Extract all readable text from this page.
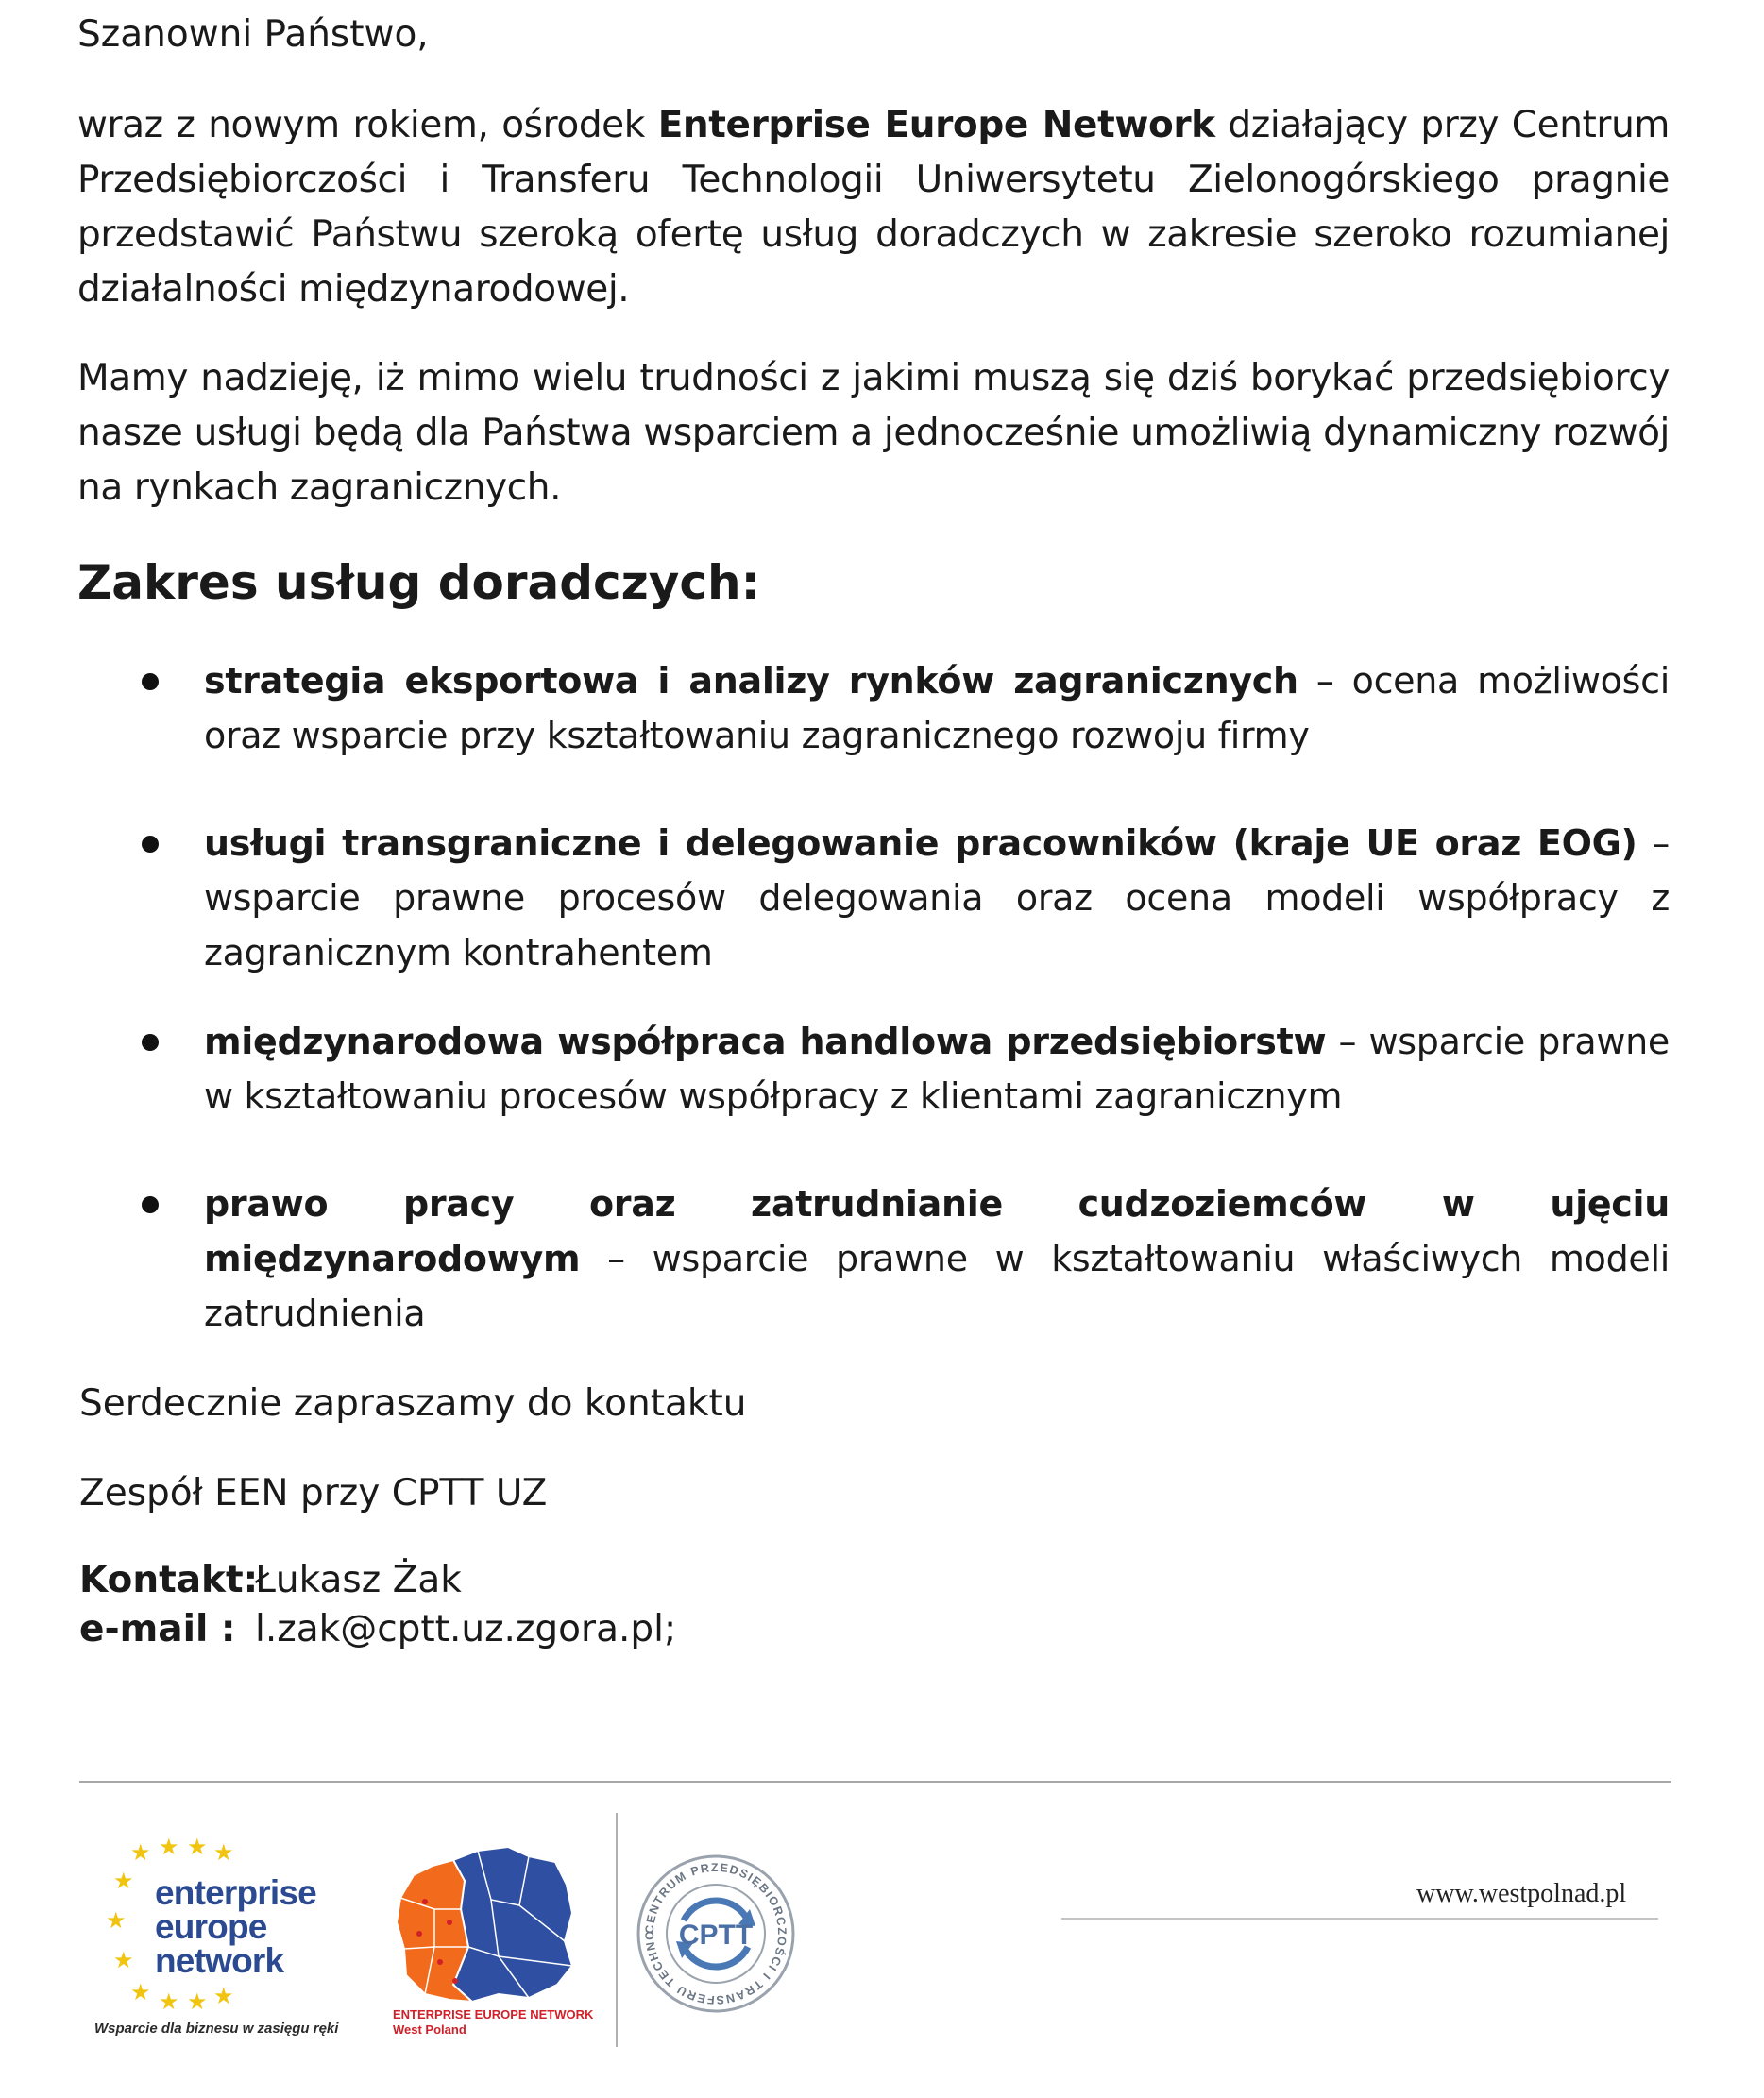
Szanowni Państwo,

wraz z nowym rokiem, ośrodek Enterprise Europe Network działający przy Centrum Przedsiębiorczości i Transferu Technologii Uniwersytetu Zielonogórskiego pragnie przedstawić Państwu szeroką ofertę usług doradczych w zakresie szeroko rozumianej działalności międzynarodowej.

Mamy nadzieję, iż mimo wielu trudności z jakimi muszą się dziś borykać przedsiębiorcy nasze usługi będą dla Państwa wsparciem a jednocześnie umożliwią dynamiczny rozwój na rynkach zagranicznych.

Zakres usług doradczych:

strategia eksportowa i analizy rynków zagranicznych – ocena możliwości oraz wsparcie przy kształtowaniu zagranicznego rozwoju firmy

usługi transgraniczne i delegowanie pracowników (kraje UE oraz EOG) – wsparcie prawne procesów delegowania oraz ocena modeli współpracy z zagranicznym kontrahentem

międzynarodowa współpraca handlowa przedsiębiorstw – wsparcie prawne w kształtowaniu procesów współpracy z klientami zagranicznym

prawo pracy oraz zatrudnianie cudzoziemców w ujęciu międzynarodowym – wsparcie prawne w kształtowaniu właściwych modeli zatrudnienia

Serdecznie zapraszamy do kontaktu

Zespół EEN przy CPTT UZ

Kontakt:
Łukasz Żak
e-mail : l.zak@cptt.uz.zgora.pl;
★ ★ ★ ★
★
★
★
★ ★ ★ ★
enterprise
europe
network
Wsparcie dla biznesu w zasięgu ręki
ENTERPRISE EUROPE NETWORK
West Poland
CENTRUM PRZEDSIĘBIORCZOŚCI I TRANSFERU TECHNO CPTT
www.westpolnad.pl
